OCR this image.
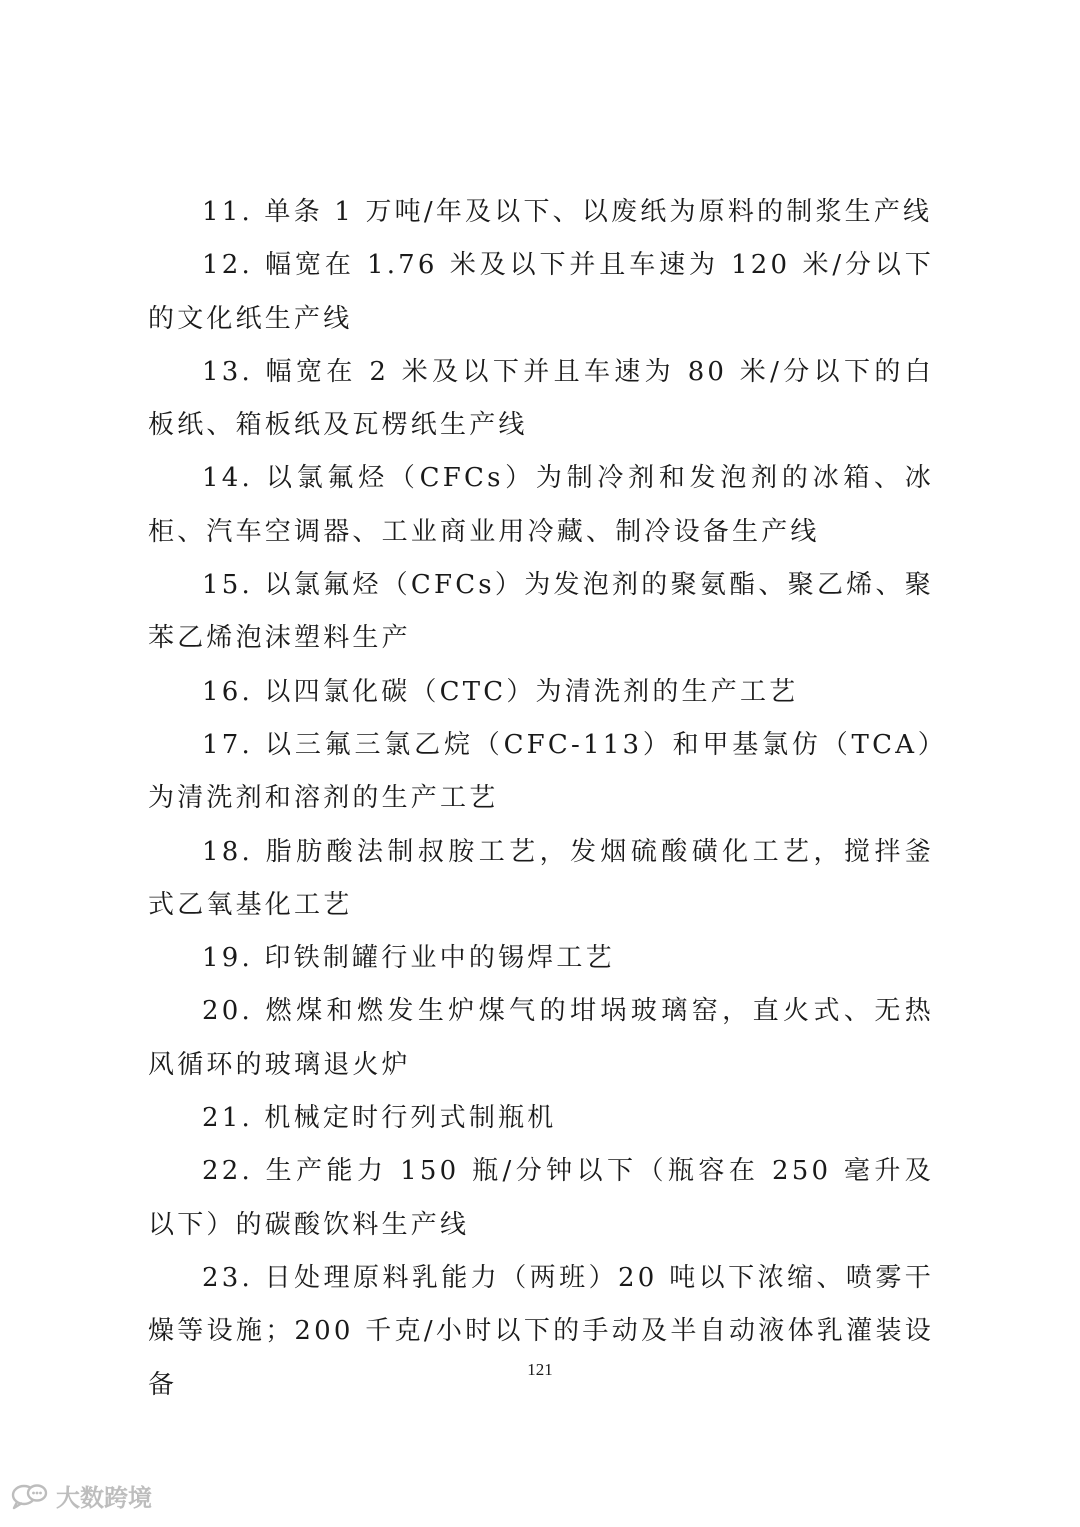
11. 单条 1 万吨/年及以下、以废纸为原料的制浆生产线

12. 幅宽在 1.76 米及以下并且车速为 120 米/分以下的文化纸生产线

13. 幅宽在 2 米及以下并且车速为 80 米/分以下的白板纸、箱板纸及瓦楞纸生产线

14. 以氯氟烃（CFCs）为制冷剂和发泡剂的冰箱、冰柜、汽车空调器、工业商业用冷藏、制冷设备生产线

15. 以氯氟烃（CFCs）为发泡剂的聚氨酯、聚乙烯、聚苯乙烯泡沫塑料生产

16. 以四氯化碳（CTC）为清洗剂的生产工艺

17. 以三氟三氯乙烷（CFC-113）和甲基氯仿（TCA）为清洗剂和溶剂的生产工艺

18. 脂肪酸法制叔胺工艺，发烟硫酸磺化工艺，搅拌釜式乙氧基化工艺

19. 印铁制罐行业中的锡焊工艺

20. 燃煤和燃发生炉煤气的坩埚玻璃窑，直火式、无热风循环的玻璃退火炉

21. 机械定时行列式制瓶机

22. 生产能力 150 瓶/分钟以下（瓶容在 250 毫升及以下）的碳酸饮料生产线

23. 日处理原料乳能力（两班）20 吨以下浓缩、喷雾干燥等设施；200 千克/小时以下的手动及半自动液体乳灌装设备

121
大数跨境
